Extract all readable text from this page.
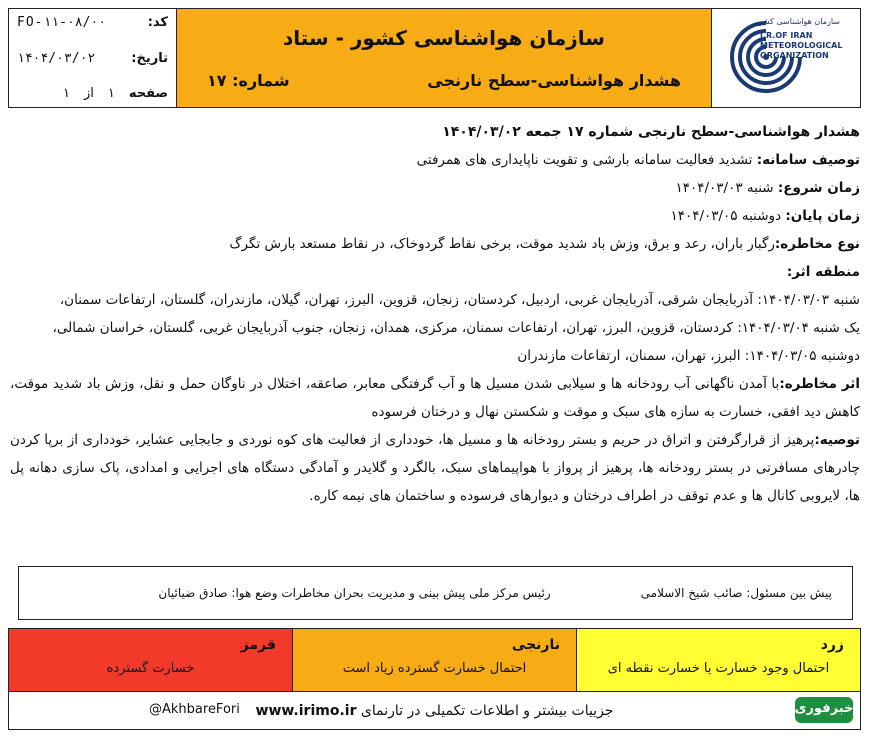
کد:
FO-۱۱-۰۸/۰۰
تاریخ:
۱۴۰۴/۰۳/۰۲
صفحه
۱
از
۱
سازمان هواشناسی کشور - ستاد
هشدار هواشناسی-سطح نارنجی
شماره: ۱۷
سازمان هواشناسی کشور
I.R.OF IRAN
METEOROLOGICAL
ORGANIZATION

هشدار هواشناسی-سطح نارنجی شماره ۱۷ جمعه ۱۴۰۴/۰۳/۰۲

توصیف سامانه: تشدید فعالیت سامانه بارشی و تقویت ناپایداری های همرفتی

زمان شروع: شنبه ۱۴۰۴/۰۳/۰۳

زمان پایان: دوشنبه ۱۴۰۴/۰۳/۰۵

نوع مخاطره:رگبار باران، رعد و برق، وزش باد شدید موقت، برخی نقاط گردوخاک، در نقاط مستعد بارش تگرگ

منطقه اثر:

شنبه ۱۴۰۴/۰۳/۰۳: آذربایجان شرقی، آذربایجان غربی، اردبیل، کردستان، زنجان، قزوین، البرز، تهران، گیلان، مازندران، گلستان، ارتفاعات سمنان،

یک شنبه ۱۴۰۴/۰۳/۰۴: کردستان، قزوین، البرز، تهران، ارتفاعات سمنان، مرکزی، همدان، زنجان، جنوب آذربایجان غربی، گلستان، خراسان شمالی،

دوشنبه ۱۴۰۴/۰۳/۰۵: البرز، تهران، سمنان، ارتفاعات مازندران

اثر مخاطره:با آمدن ناگهانی آب رودخانه ها و سیلابی شدن مسیل ها و آب گرفتگی معابر، صاعقه، اختلال در ناوگان حمل و نقل، وزش باد شدید موقت، کاهش دید افقی، خسارت به سازه های سبک و موقت و شکستن نهال و درختان فرسوده

توصیه:پرهیز از قرارگرفتن و اتراق در حریم و بستر رودخانه ها و مسیل ها، خودداری از فعالیت های کوه نوردی و جابجایی عشایر، خودداری از برپا کردن چادرهای مسافرتی در بستر رودخانه ها، پرهیز از پرواز با هواپیماهای سبک، بالگرد و گلایدر و آمادگی دستگاه های اجرایی و امدادی، پاک سازی دهانه پل ها، لایروبی کانال ها و عدم توقف در اطراف درختان و دیوارهای فرسوده و ساختمان های نیمه کاره.

پیش بین مسئول: صائب شیخ الاسلامی
رئیس مرکز ملی پیش بینی و مدیریت بحران مخاطرات وضع هوا: صادق ضیائیان
زرد
احتمال وجود خسارت یا خسارت نقطه ای
نارنجی
احتمال خسارت گسترده زیاد است
قرمز
خسارت گسترده
خبرفوری
جزییات بیشتر و اطلاعات تکمیلی در تارنمای www.irimo.ir
@AkhbareFori
